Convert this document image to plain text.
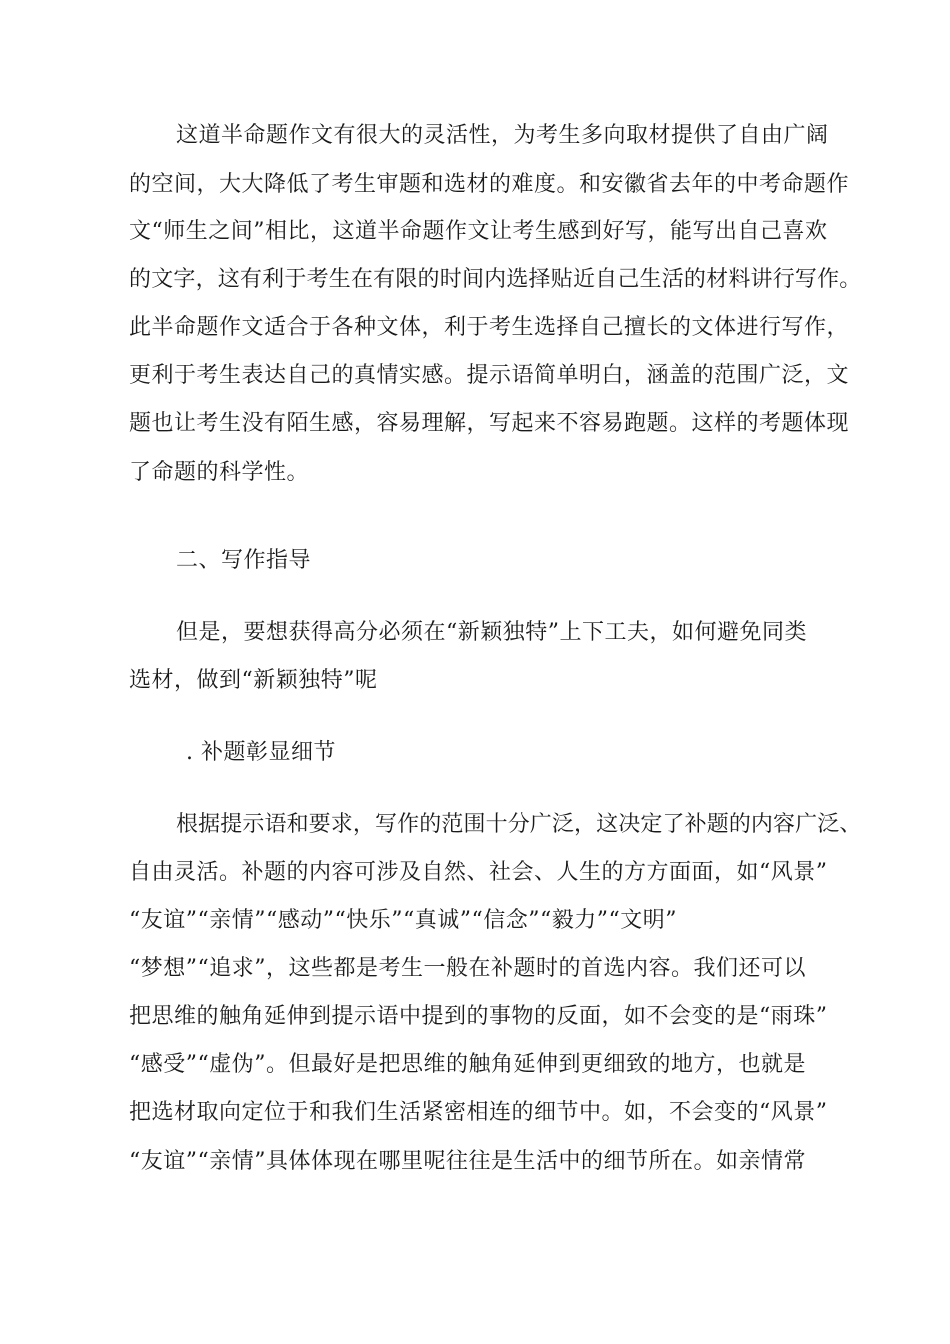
这道半命题作文有很大的灵活性，为考生多向取材提供了自由广阔
的空间，大大降低了考生审题和选材的难度。和安徽省去年的中考命题作
文“师生之间”相比，这道半命题作文让考生感到好写，能写出自己喜欢
的文字，这有利于考生在有限的时间内选择贴近自己生活的材料讲行写作。
此半命题作文适合于各种文体，利于考生选择自己擅长的文体进行写作，
更利于考生表达自己的真情实感。提示语简单明白，涵盖的范围广泛，文
题也让考生没有陌生感，容易理解，写起来不容易跑题。这样的考题体现
了命题的科学性。
二、写作指导
但是，要想获得高分必须在“新颖独特”上下工夫，如何避免同类
选材，做到“新颖独特”呢
. 补题彰显细节
根据提示语和要求，写作的范围十分广泛，这决定了补题的内容广泛、
自由灵活。补题的内容可涉及自然、社会、人生的方方面面，如“风景”
“友谊”“亲情”“感动”“快乐”“真诚”“信念”“毅力”“文明”
“梦想”“追求”，这些都是考生一般在补题时的首选内容。我们还可以
把思维的触角延伸到提示语中提到的事物的反面，如不会变的是“雨珠”
“感受”“虚伪”。但最好是把思维的触角延伸到更细致的地方，也就是
把选材取向定位于和我们生活紧密相连的细节中。如，不会变的“风景”
“友谊”“亲情”具体体现在哪里呢往往是生活中的细节所在。如亲情常
